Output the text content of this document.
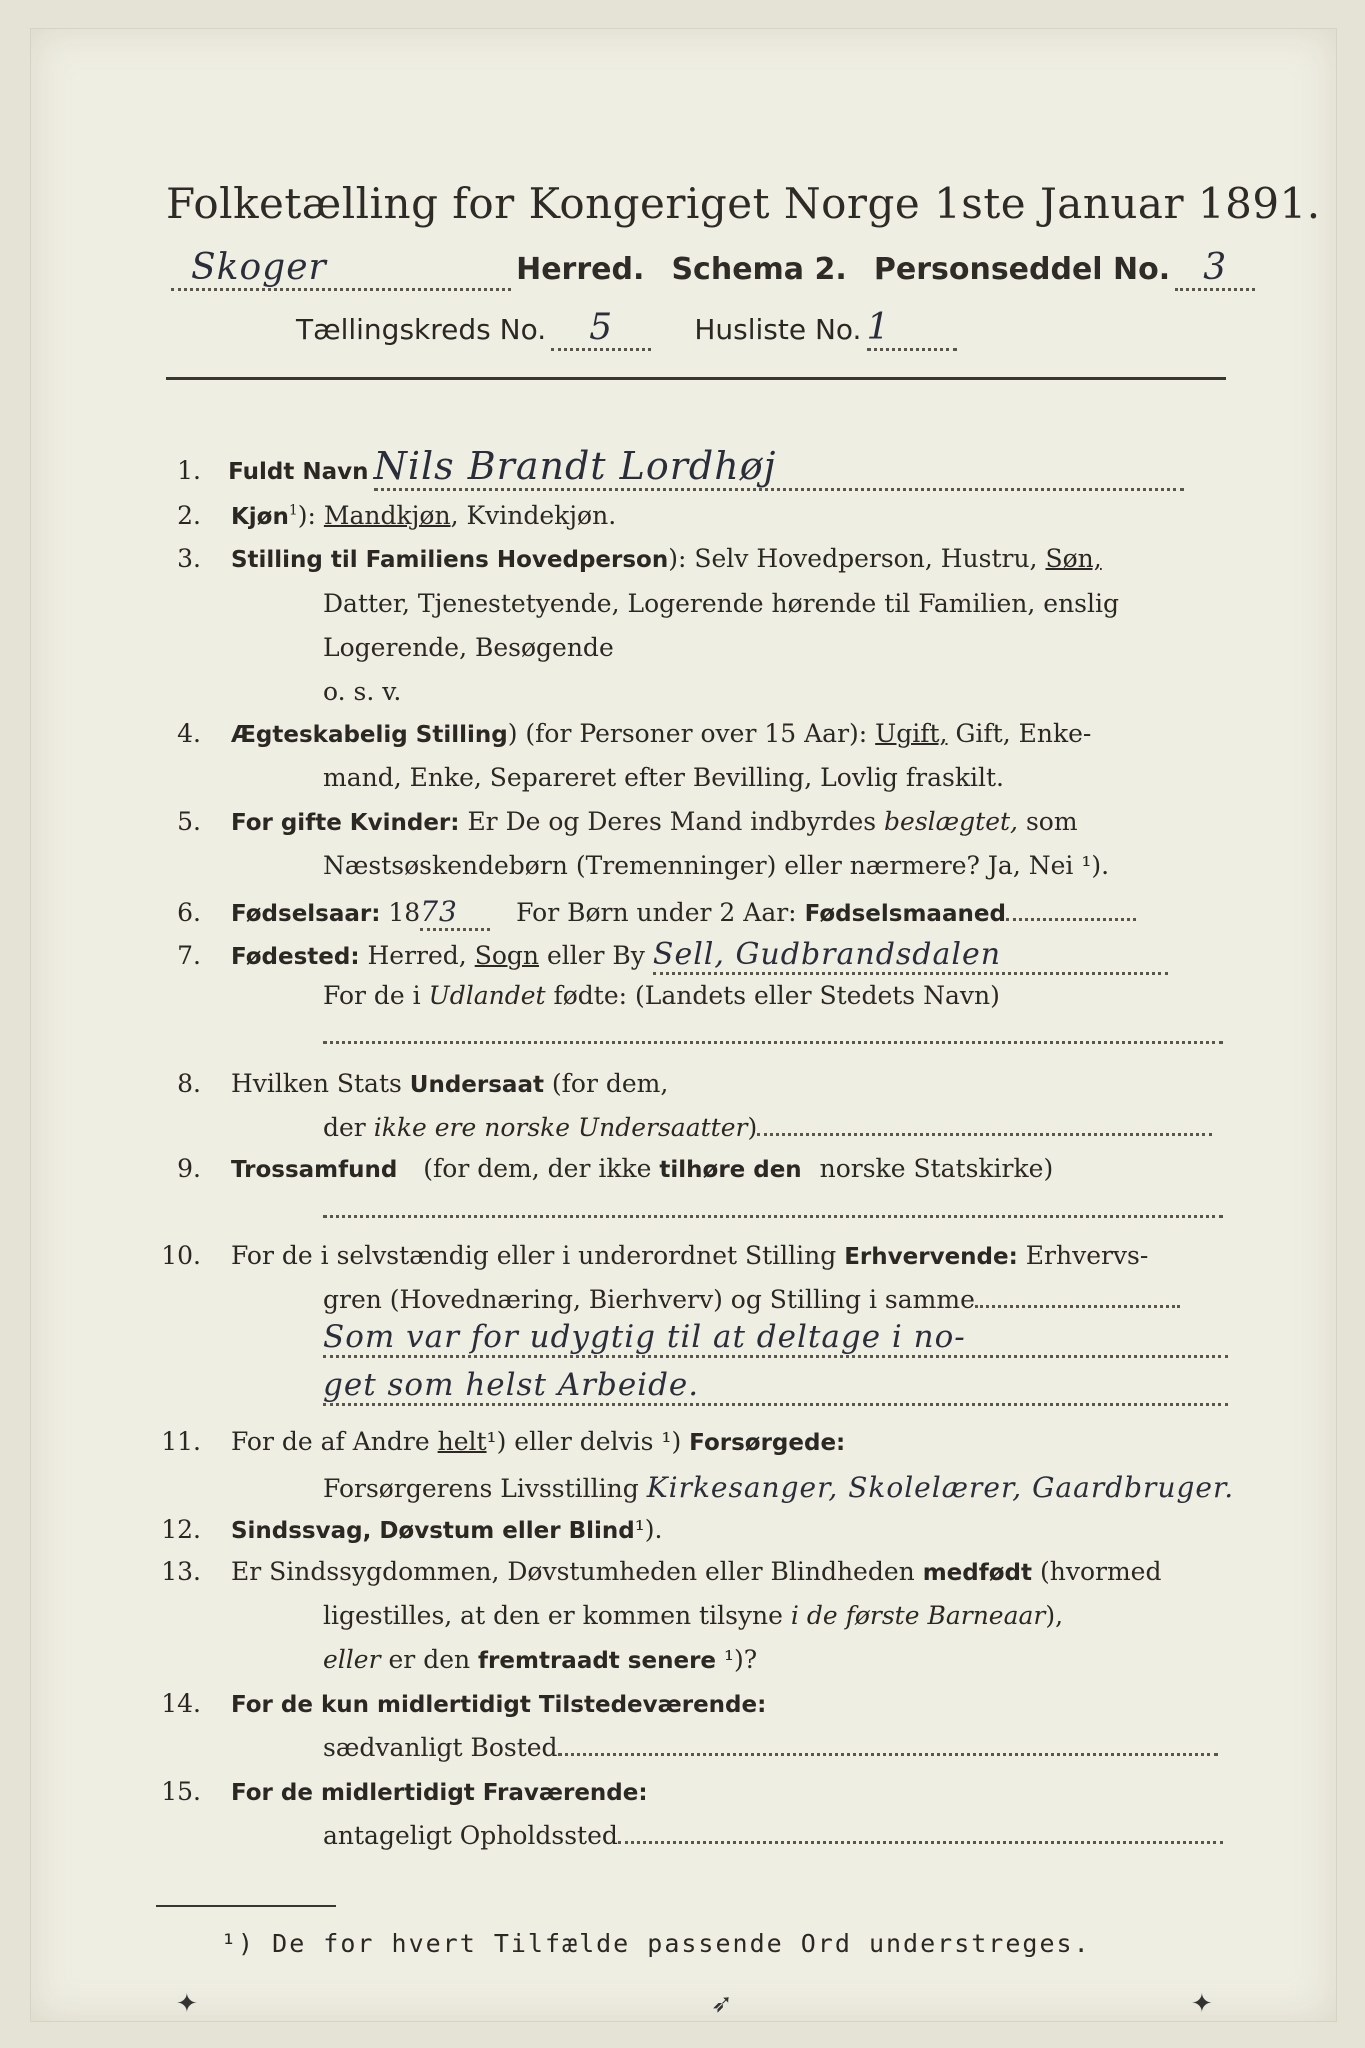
Folketælling for Kongeriget Norge 1ste Januar 1891.
Skoger	Herred. Schema 2. Personseddel No. 3
Tællingskreds No. 5	Husliste No. 1
1. Fuldt Navn Nils Brandt Lordhøj
2. Kjøn$^1$): Mandkjøn, Kvindekjøn.
3. Stilling til Familiens Hovedperson): Selv Hovedperson, Hustru, Søn,
Datter, Tjenestetyende, Logerende hørende til Familien, enslig
Logerende, Besøgende
o. s. v.
4. Ægteskabelig Stilling) (for Personer over 15 Aar): Ugift, Gift, Enke-
mand, Enke, Separeret efter Bevilling, Lovlig fraskilt.
5. For gifte Kvinder: Er De og Deres Mand indbyrdes beslægtet, som
Næstsøskendebørn (Tremenninger) eller nærmere? Ja, Nei ¹).
6. Fødselsaar: 1873 For Børn under 2 Aar: Fødselsmaaned
7. Fødested: Herred, Sogn eller By Sell, Gudbrandsdalen
For de i Udlandet fødte: (Landets eller Stedets Navn)
8. Hvilken Stats Undersaat (for dem,
der ikke ere norske Undersaatter)
9. Trossamfund (for dem, der ikke tilhøre den norske Statskirke)
10. For de i selvstændig eller i underordnet Stilling Erhvervende: Erhvervs-
gren (Hovednæring, Bierhverv) og Stilling i samme
Som var for udygtig til at deltage i no-
get som helst Arbeide.
11. For de af Andre helt¹) eller delvis ¹) Forsørgede:
Forsørgerens Livsstilling Kirkesanger, Skolelærer, Gaardbruger.
12. Sindssvag, Døvstum eller Blind¹).
13. Er Sindssygdommen, Døvstumheden eller Blindheden medfødt (hvormed
ligestilles, at den er kommen tilsyne i de første Barneaar),
eller er den fremtraadt senere ¹)?
14. For de kun midlertidigt Tilstedeværende:
sædvanligt Bosted
15. For de midlertidigt Fraværende:
antageligt Opholdssted
¹) De for hvert Tilfælde passende Ord understreges.
✦	➶	✦
